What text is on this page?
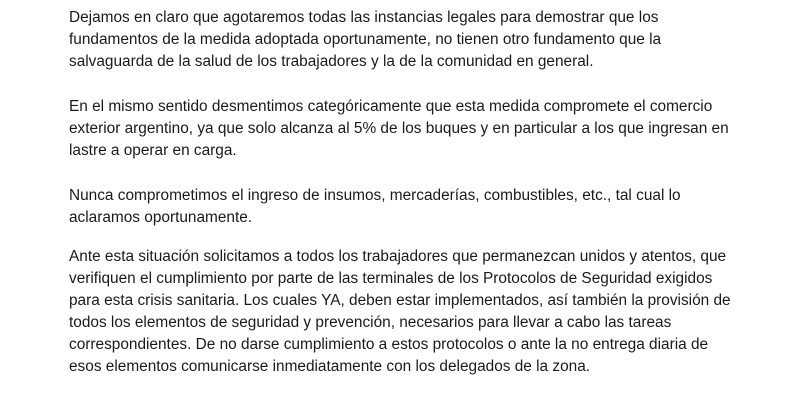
Dejamos en claro que agotaremos todas las instancias legales para demostrar que los
fundamentos de la medida adoptada oportunamente, no tienen otro fundamento que la
salvaguarda de la salud de los trabajadores y la de la comunidad en general.

En el mismo sentido desmentimos categóricamente que esta medida compromete el comercio
exterior argentino, ya que solo alcanza al 5% de los buques y en particular a los que ingresan en
lastre a operar en carga.

Nunca comprometimos el ingreso de insumos, mercaderías, combustibles, etc., tal cual lo
aclaramos oportunamente.

Ante esta situación solicitamos a todos los trabajadores que permanezcan unidos y atentos, que
verifiquen el cumplimiento por parte de las terminales de los Protocolos de Seguridad exigidos
para esta crisis sanitaria. Los cuales YA, deben estar implementados, así también la provisión de
todos los elementos de seguridad y prevención, necesarios para llevar a cabo las tareas
correspondientes. De no darse cumplimiento a estos protocolos o ante la no entrega diaria de
esos elementos comunicarse inmediatamente con los delegados de la zona.
